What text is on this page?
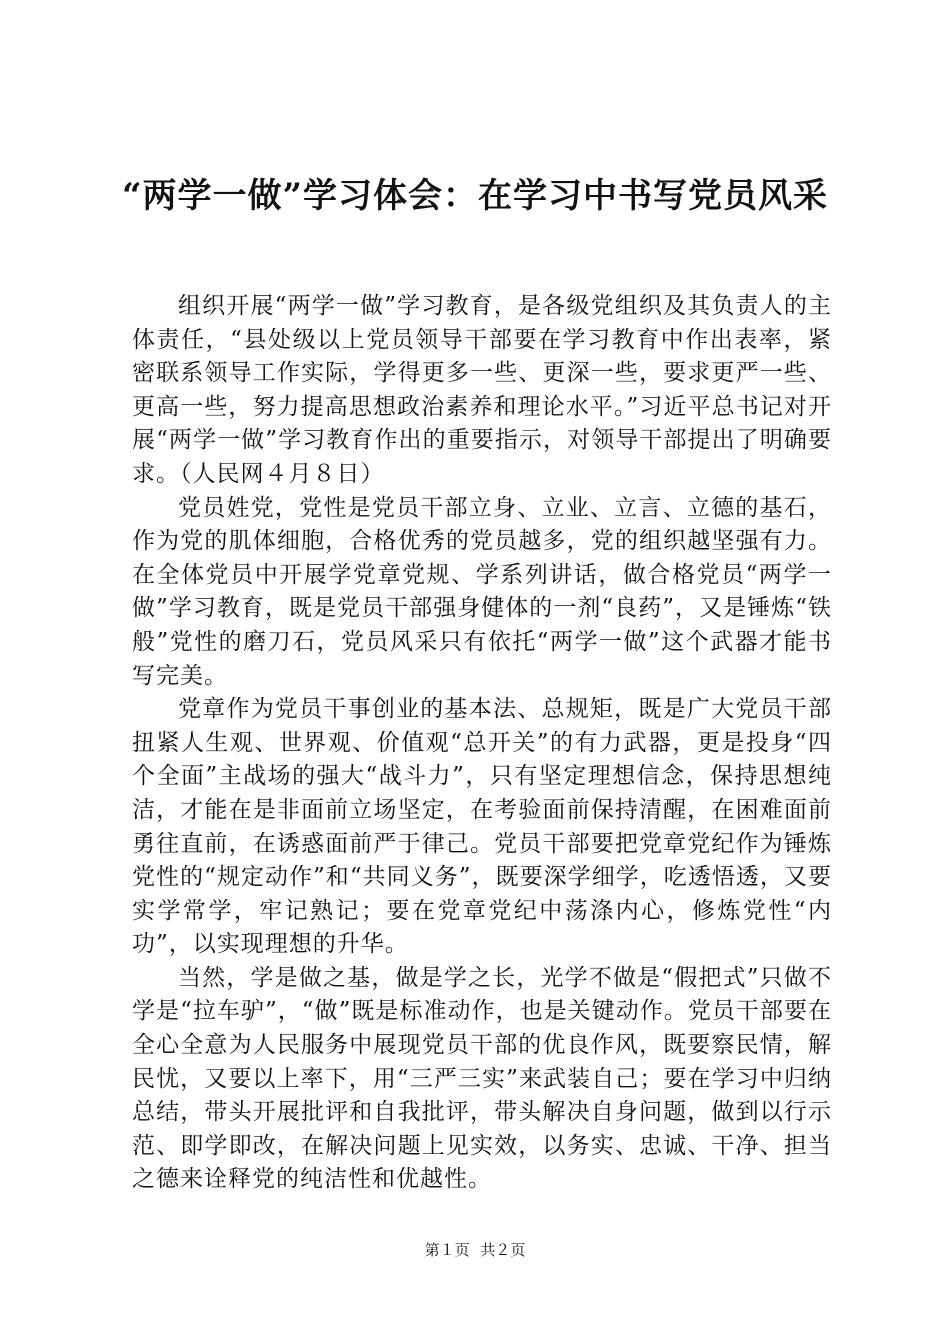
“两学一做”学习体会：在学习中书写党员风采

组织开展“两学一做”学习教育，是各级党组织及其负责人的主体责任，“县处级以上党员领导干部要在学习教育中作出表率，紧密联系领导工作实际，学得更多一些、更深一些，要求更严一些、更高一些，努力提高思想政治素养和理论水平。”习近平总书记对开展“两学一做”学习教育作出的重要指示，对领导干部提出了明确要求。（人民网４月８日）

党员姓党，党性是党员干部立身、立业、立言、立德的基石，作为党的肌体细胞，合格优秀的党员越多，党的组织越坚强有力。在全体党员中开展学党章党规、学系列讲话，做合格党员“两学一做”学习教育，既是党员干部强身健体的一剂“良药”，又是锤炼“铁般”党性的磨刀石，党员风采只有依托“两学一做”这个武器才能书写完美。

党章作为党员干事创业的基本法、总规矩，既是广大党员干部扭紧人生观、世界观、价值观“总开关”的有力武器，更是投身“四个全面”主战场的强大“战斗力”，只有坚定理想信念，保持思想纯洁，才能在是非面前立场坚定，在考验面前保持清醒，在困难面前勇往直前，在诱惑面前严于律己。党员干部要把党章党纪作为锤炼党性的“规定动作”和“共同义务”，既要深学细学，吃透悟透，又要实学常学，牢记熟记；要在党章党纪中荡涤内心，修炼党性“内功”，以实现理想的升华。

当然，学是做之基，做是学之长，光学不做是“假把式”只做不学是“拉车驴”，“做”既是标准动作，也是关键动作。党员干部要在全心全意为人民服务中展现党员干部的优良作风，既要察民情，解民忧，又要以上率下，用“三严三实”来武装自己；要在学习中归纳总结，带头开展批评和自我批评，带头解决自身问题，做到以行示范、即学即改，在解决问题上见实效，以务实、忠诚、干净、担当之德来诠释党的纯洁性和优越性。

第１页 共２页
